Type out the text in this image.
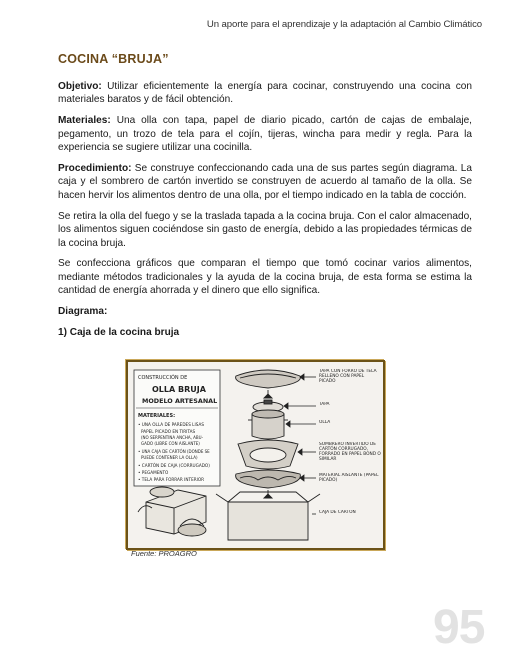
Un aporte para el aprendizaje y la adaptación al Cambio Climático
COCINA “BRUJA”

Objetivo: Utilizar eficientemente la energía para cocinar, construyendo una cocina con materiales baratos y de fácil obtención.

Materiales: Una olla con tapa, papel de diario picado, cartón de cajas de embalaje, pegamento, un trozo de tela para el cojín, tijeras, wincha para medir y regla. Para la experiencia se sugiere utilizar una cocinilla.

Procedimiento: Se construye confeccionando cada una de sus partes según diagrama. La caja y el sombrero de cartón invertido se construyen de acuerdo al tamaño de la olla. Se hacen hervir los alimentos dentro de una olla, por el tiempo indicado en la tabla de cocción.

Se retira la olla del fuego y se la traslada tapada a la cocina bruja. Con el calor almacenado, los alimentos siguen cociéndose sin gasto de energía, debido a las propiedades térmicas de la cocina bruja.

Se confecciona gráficos que comparan el tiempo que tomó cocinar varios alimentos, mediante métodos tradicionales y la ayuda de la cocina bruja, de esta forma se estima la cantidad de energía ahorrada y el dinero que ello significa.

Diagrama:
1) Caja de la cocina bruja
CONSTRUCCIÓN DE
OLLA BRUJA
MODELO ARTESANAL
MATERIALES:
• UNA OLLA DE PAREDES LISAS
PAPEL PICADO EN TIRITAS
(NO SERPENTINA ANCHA, ABU-
GADO (LIBRE CON AISLANTE)
• UNA CAJA DE CARTÓN (DONDE SE
PUEDE CONTENER LA OLLA)
• CARTÓN DE CAJA (CORRUGADO)
• PEGAMENTO
• TELA PARA FORRAR INTERIOR
TAPA CON FORRO DE TELA RELLENO CON PAPEL PICADO
TAPA
OLLA
SOMBRERO INVERTIDO DE CARTÓN CORRUGADO, FORRADO EN PAPEL BOND O SIMILAR
MATERIAL AISLANTE (PAPEL PICADO)
CAJA DE CARTÓN
Fuente: PROAGRO
95
